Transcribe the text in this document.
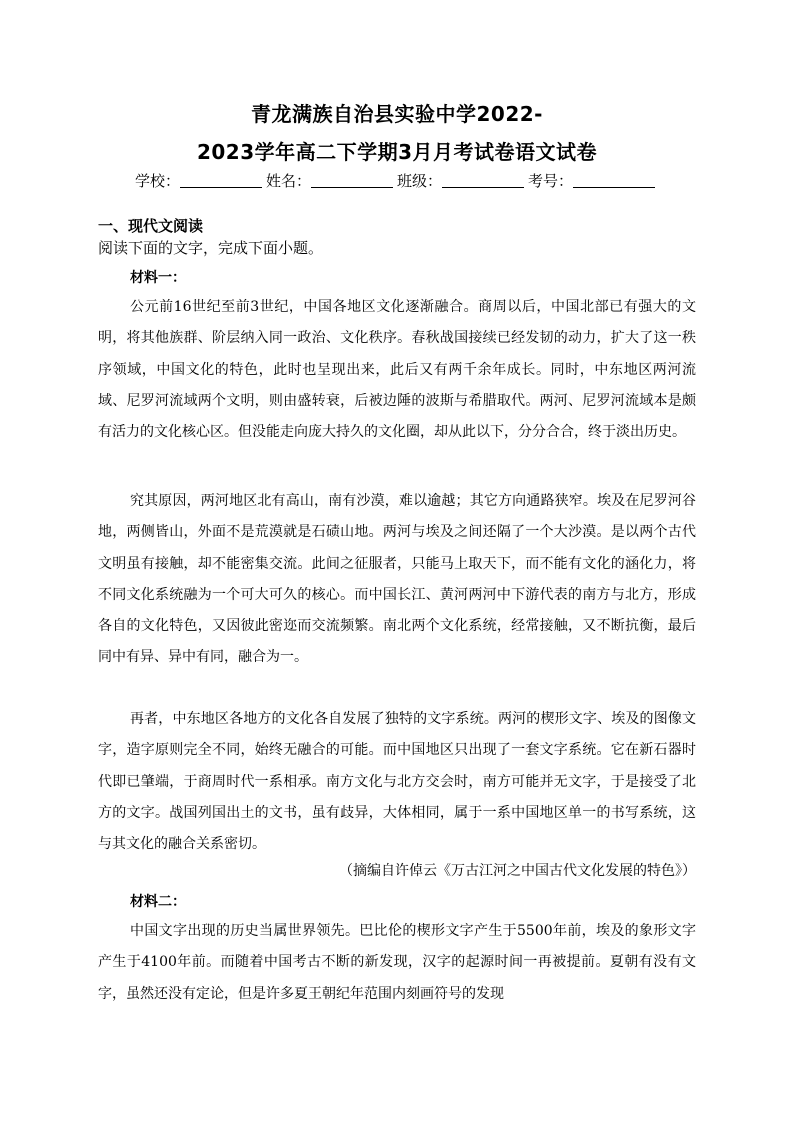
青龙满族自治县实验中学2022-
2023学年高二下学期3月月考试卷语文试卷
学校：	姓名：	班级：	考号：
一、现代文阅读
阅读下面的文字，完成下面小题。
材料一：
公元前16世纪至前3世纪，中国各地区文化逐渐融合。商周以后，中国北部已有强大的文明，将其他族群、阶层纳入同一政治、文化秩序。春秋战国接续已经发韧的动力，扩大了这一秩序领域，中国文化的特色，此时也呈现出来，此后又有两千余年成长。同时，中东地区两河流域、尼罗河流域两个文明，则由盛转衰，后被边陲的波斯与希腊取代。两河、尼罗河流域本是颇有活力的文化核心区。但没能走向庞大持久的文化圈，却从此以下，分分合合，终于淡出历史。
究其原因，两河地区北有高山，南有沙漠，难以逾越；其它方向通路狭窄。埃及在尼罗河谷地，两侧皆山，外面不是荒漠就是石碛山地。两河与埃及之间还隔了一个大沙漠。是以两个古代文明虽有接触，却不能密集交流。此间之征服者，只能马上取天下，而不能有文化的涵化力，将不同文化系统融为一个可大可久的核心。而中国长江、黄河两河中下游代表的南方与北方，形成各自的文化特色，又因彼此密迩而交流频繁。南北两个文化系统，经常接触，又不断抗衡，最后同中有异、异中有同，融合为一。
再者，中东地区各地方的文化各自发展了独特的文字系统。两河的楔形文字、埃及的图像文字，造字原则完全不同，始终无融合的可能。而中国地区只出现了一套文字系统。它在新石器时代即已肇端，于商周时代一系相承。南方文化与北方交会时，南方可能并无文字，于是接受了北方的文字。战国列国出土的文书，虽有歧异，大体相同，属于一系中国地区单一的书写系统，这与其文化的融合关系密切。
（摘编自许倬云《万古江河之中国古代文化发展的特色》）
材料二：
中国文字出现的历史当属世界领先。巴比伦的楔形文字产生于5500年前，埃及的象形文字产生于4100年前。而随着中国考古不断的新发现，汉字的起源时间一再被提前。夏朝有没有文字，虽然还没有定论，但是许多夏王朝纪年范围内刻画符号的发现
